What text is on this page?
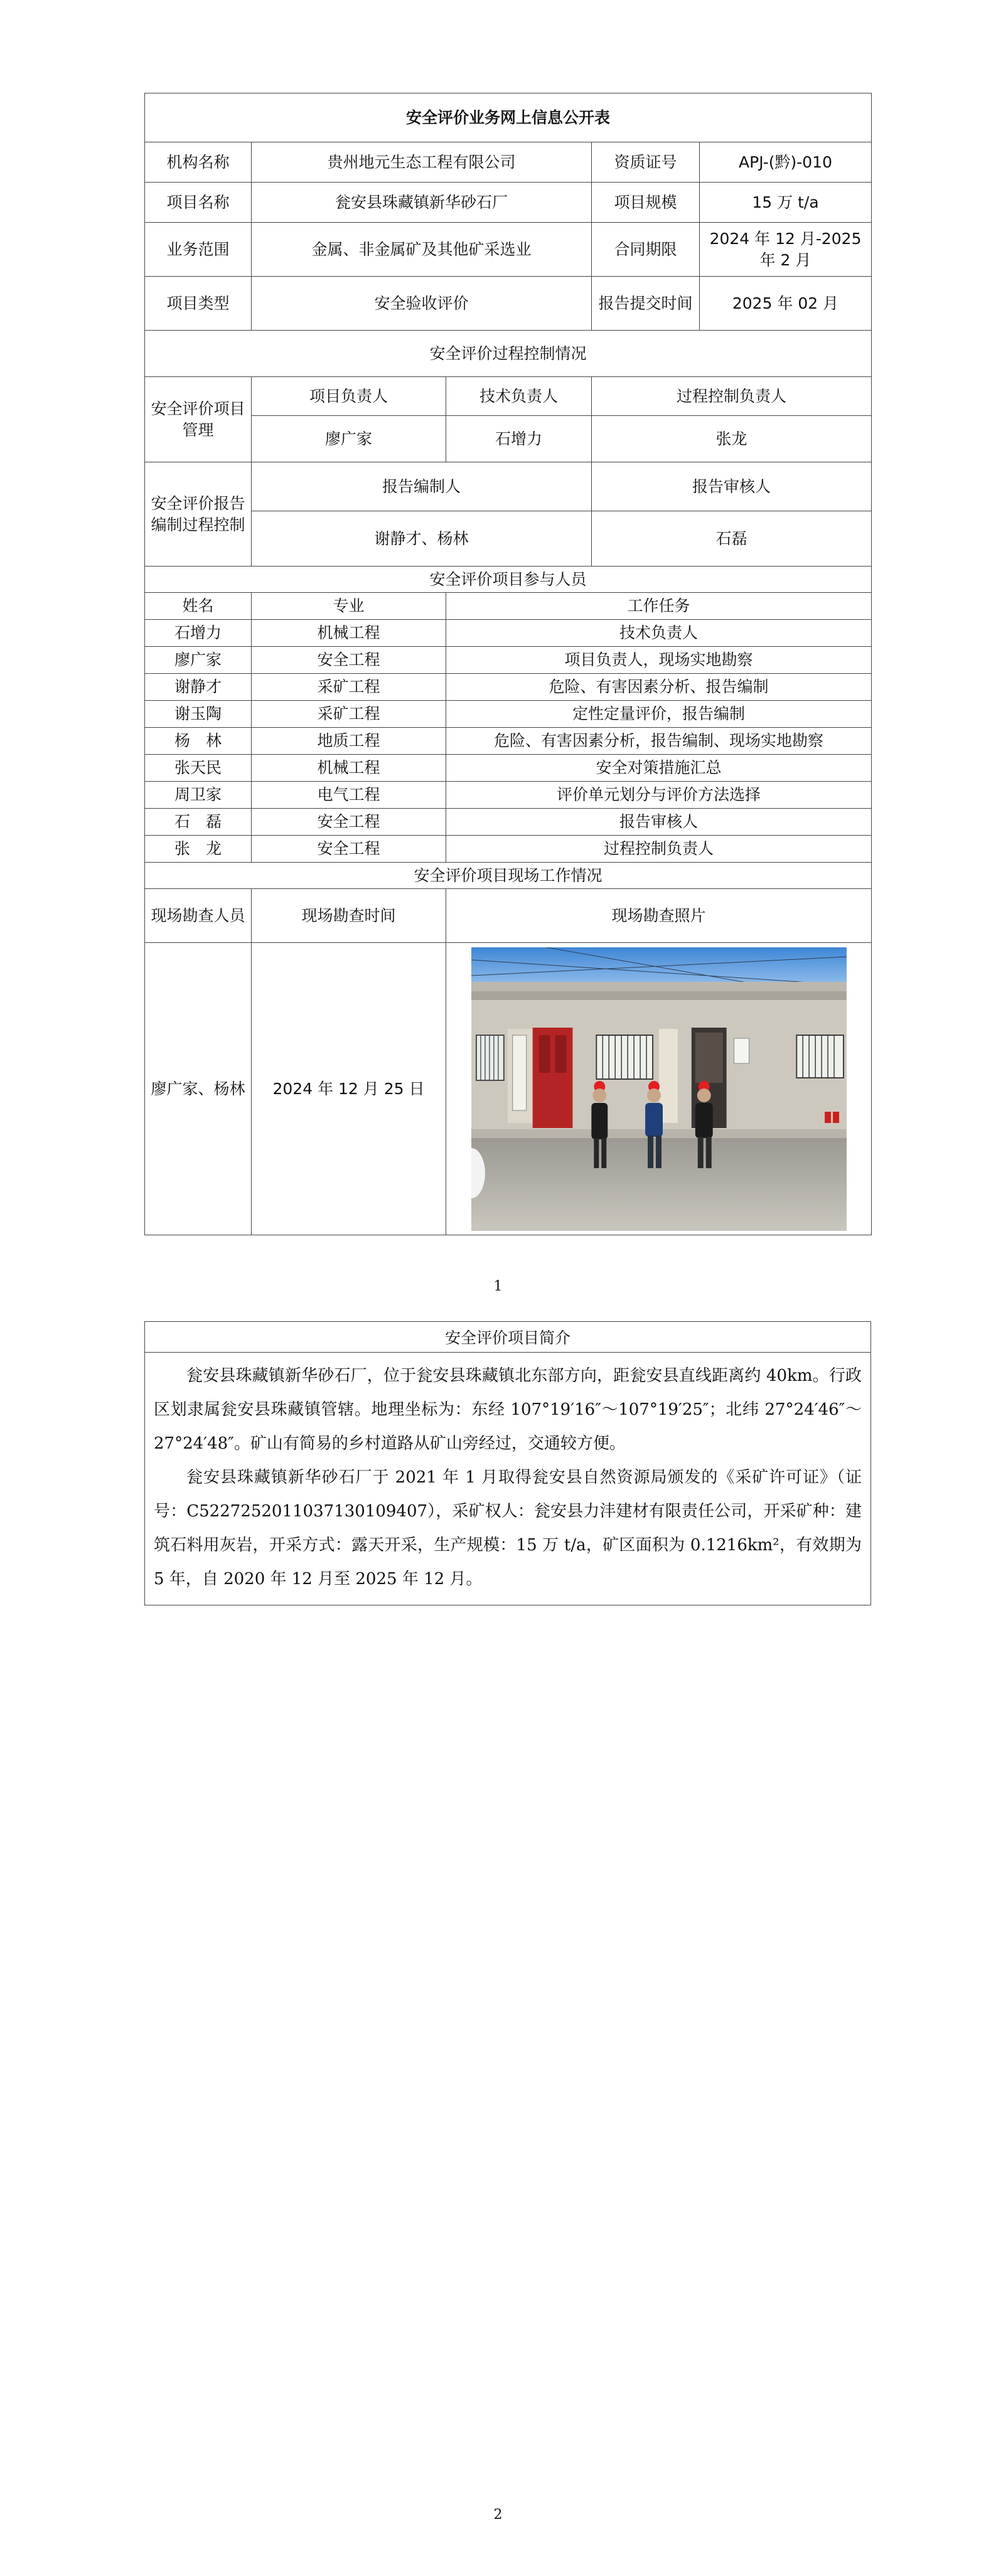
安全评价业务网上信息公开表				
机构名称	贵州地元生态工程有限公司		资质证号	APJ-(黔)-010
项目名称	瓮安县珠藏镇新华砂石厂		项目规模	15 万 t/a
业务范围	金属、非金属矿及其他矿采选业		合同期限	2024 年 12 月-2025 年 2 月
项目类型	安全验收评价		报告提交时间	2025 年 02 月
安全评价过程控制情况				
安全评价项目管理	项目负责人	技术负责人	过程控制负责人	
	廖广家	石增力	张龙	
安全评价报告编制过程控制	报告编制人		报告审核人	
	谢静才、杨林		石磊	
安全评价项目参与人员				
姓名	专业	工作任务		
石增力	机械工程	技术负责人		
廖广家	安全工程	项目负责人，现场实地勘察		
谢静才	采矿工程	危险、有害因素分析、报告编制		
谢玉陶	采矿工程	定性定量评价，报告编制		
杨　林	地质工程	危险、有害因素分析，报告编制、现场实地勘察		
张天民	机械工程	安全对策措施汇总		
周卫家	电气工程	评价单元划分与评价方法选择		
石　磊	安全工程	报告审核人		
张　龙	安全工程	过程控制负责人		
安全评价项目现场工作情况				
现场勘查人员	现场勘查时间	现场勘查照片		
廖广家、杨林	2024 年 12 月 25 日	
1
安全评价项目简介

瓮安县珠藏镇新华砂石厂，位于瓮安县珠藏镇北东部方向，距瓮安县直线距离约 40km。行政区划隶属瓮安县珠藏镇管辖。地理坐标为：东经 107°19′16″～107°19′25″；北纬 27°24′46″～27°24′48″。矿山有简易的乡村道路从矿山旁经过，交通较方便。

瓮安县珠藏镇新华砂石厂于 2021 年 1 月取得瓮安县自然资源局颁发的《采矿许可证》（证号：C5227252011037130109407），采矿权人：瓮安县力沣建材有限责任公司，开采矿种：建筑石料用灰岩，开采方式：露天开采，生产规模：15 万 t/a，矿区面积为 0.1216km²，有效期为 5 年，自 2020 年 12 月至 2025 年 12 月。

2
